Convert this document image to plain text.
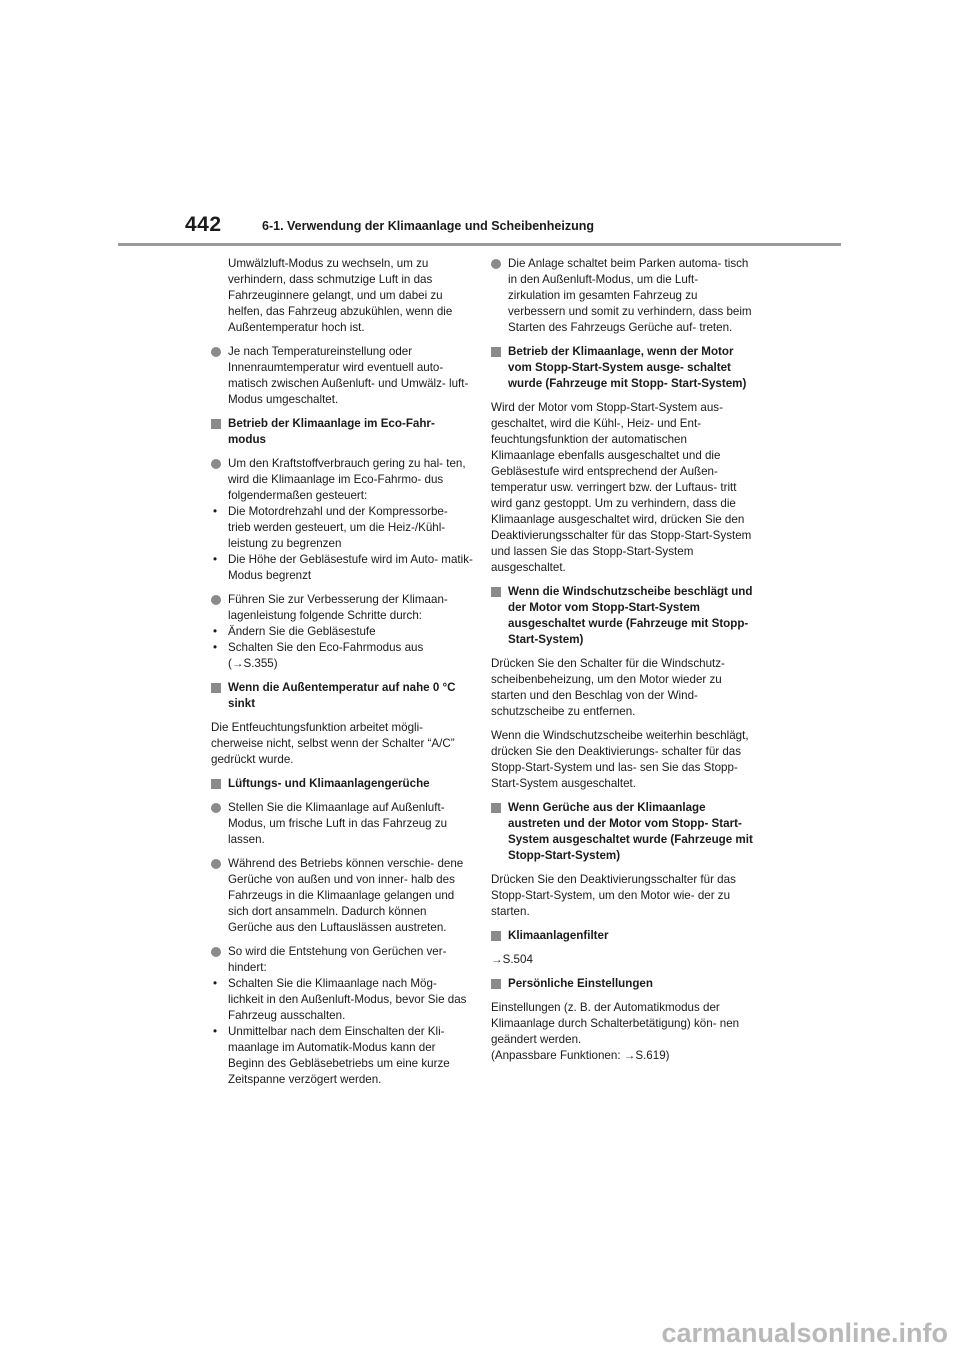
442	6-1. Verwendung der Klimaanlage und Scheibenheizung
Umwälzluft-Modus zu wechseln, um zu verhindern, dass schmutzige Luft in das Fahrzeuginnere gelangt, und um dabei zu helfen, das Fahrzeug abzukühlen, wenn die Außentemperatur hoch ist.
Je nach Temperatureinstellung oder Innenraumtemperatur wird eventuell auto- matisch zwischen Außenluft- und Umwälz- luft-Modus umgeschaltet.
Betrieb der Klimaanlage im Eco-Fahr- modus
Um den Kraftstoffverbrauch gering zu hal- ten, wird die Klimaanlage im Eco-Fahrmo- dus folgendermaßen gesteuert:
• Die Motordrehzahl und der Kompressorbe- trieb werden gesteuert, um die Heiz-/Kühl- leistung zu begrenzen
• Die Höhe der Gebläsestufe wird im Auto- matik-Modus begrenzt
Führen Sie zur Verbesserung der Klimaan- lagenleistung folgende Schritte durch:
• Ändern Sie die Gebläsestufe
• Schalten Sie den Eco-Fahrmodus aus
(→S.355)
Wenn die Außentemperatur auf nahe 0 °C sinkt
Die Entfeuchtungsfunktion arbeitet mögli- cherweise nicht, selbst wenn der Schalter “A/C” gedrückt wurde.
Lüftungs- und Klimaanlagengerüche
Stellen Sie die Klimaanlage auf Außenluft- Modus, um frische Luft in das Fahrzeug zu lassen.
Während des Betriebs können verschie- dene Gerüche von außen und von inner- halb des Fahrzeugs in die Klimaanlage gelangen und sich dort ansammeln. Dadurch können Gerüche aus den Luftauslässen austreten.
So wird die Entstehung von Gerüchen ver- hindert:
• Schalten Sie die Klimaanlage nach Mög- lichkeit in den Außenluft-Modus, bevor Sie das Fahrzeug ausschalten.
• Unmittelbar nach dem Einschalten der Kli- maanlage im Automatik-Modus kann der Beginn des Gebläsebetriebs um eine kurze Zeitspanne verzögert werden.
Die Anlage schaltet beim Parken automa- tisch in den Außenluft-Modus, um die Luft- zirkulation im gesamten Fahrzeug zu verbessern und somit zu verhindern, dass beim Starten des Fahrzeugs Gerüche auf- treten.
Betrieb der Klimaanlage, wenn der Motor vom Stopp-Start-System ausge- schaltet wurde (Fahrzeuge mit Stopp- Start-System)
Wird der Motor vom Stopp-Start-System aus- geschaltet, wird die Kühl-, Heiz- und Ent- feuchtungsfunktion der automatischen Klimaanlage ebenfalls ausgeschaltet und die Gebläsestufe wird entsprechend der Außen- temperatur usw. verringert bzw. der Luftaus- tritt wird ganz gestoppt. Um zu verhindern, dass die Klimaanlage ausgeschaltet wird, drücken Sie den Deaktivierungsschalter für das Stopp-Start-System und lassen Sie das Stopp-Start-System ausgeschaltet.
Wenn die Windschutzscheibe beschlägt und der Motor vom Stopp-Start-System ausgeschaltet wurde (Fahrzeuge mit Stopp-Start-System)
Drücken Sie den Schalter für die Windschutz- scheibenbeheizung, um den Motor wieder zu starten und den Beschlag von der Wind- schutzscheibe zu entfernen.
Wenn die Windschutzscheibe weiterhin beschlägt, drücken Sie den Deaktivierungs- schalter für das Stopp-Start-System und las- sen Sie das Stopp-Start-System ausgeschaltet.
Wenn Gerüche aus der Klimaanlage austreten und der Motor vom Stopp- Start-System ausgeschaltet wurde (Fahrzeuge mit Stopp-Start-System)
Drücken Sie den Deaktivierungsschalter für das Stopp-Start-System, um den Motor wie- der zu starten.
Klimaanlagenfilter
→S.504
Persönliche Einstellungen
Einstellungen (z. B. der Automatikmodus der Klimaanlage durch Schalterbetätigung) kön- nen geändert werden.
(Anpassbare Funktionen: →S.619)
carmanualsonline.info
